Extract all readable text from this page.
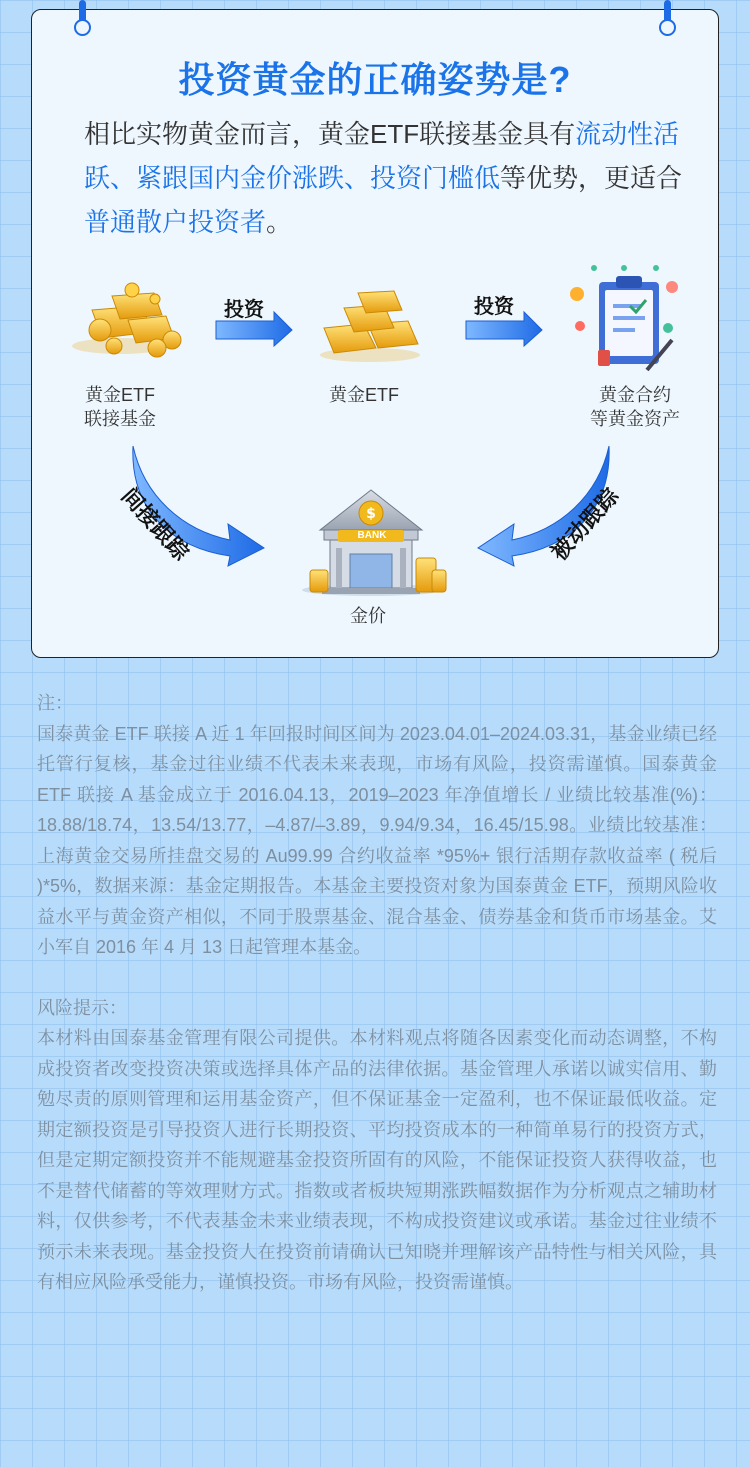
投资黄金的正确姿势是?

相比实物黄金而言，黄金ETF联接基金具有流动性活跃、紧跟国内金价涨跌、投资门槛低等优势，更适合普通散户投资者。

$
投资	投资
黄金ETF
联接基金
黄金ETF	黄金合约
等黄金资产
间接跟踪	被动跟踪
BANK
金价

注：

国泰黄金 ETF 联接 A 近 1 年回报时间区间为 2023.04.01–2024.03.31，基金业绩已经托管行复核，基金过往业绩不代表未来表现，市场有风险，投资需谨慎。国泰黄金 ETF 联接 A 基金成立于 2016.04.13，2019–2023 年净值增长 / 业绩比较基准(%)：18.88/18.74，13.54/13.77，–4.87/–3.89，9.94/9.34，16.45/15.98。业绩比较基准：上海黄金交易所挂盘交易的 Au99.99 合约收益率 *95%+ 银行活期存款收益率 ( 税后 )*5%，数据来源：基金定期报告。本基金主要投资对象为国泰黄金 ETF，预期风险收益水平与黄金资产相似，不同于股票基金、混合基金、债券基金和货币市场基金。艾小军自 2016 年 4 月 13 日起管理本基金。

风险提示：

本材料由国泰基金管理有限公司提供。本材料观点将随各因素变化而动态调整，不构成投资者改变投资决策或选择具体产品的法律依据。基金管理人承诺以诚实信用、勤勉尽责的原则管理和运用基金资产，但不保证基金一定盈利，也不保证最低收益。定期定额投资是引导投资人进行长期投资、平均投资成本的一种简单易行的投资方式，但是定期定额投资并不能规避基金投资所固有的风险，不能保证投资人获得收益，也不是替代储蓄的等效理财方式。指数或者板块短期涨跌幅数据作为分析观点之辅助材料，仅供参考，不代表基金未来业绩表现，不构成投资建议或承诺。基金过往业绩不预示未来表现。基金投资人在投资前请确认已知晓并理解该产品特性与相关风险，具有相应风险承受能力，谨慎投资。市场有风险，投资需谨慎。
